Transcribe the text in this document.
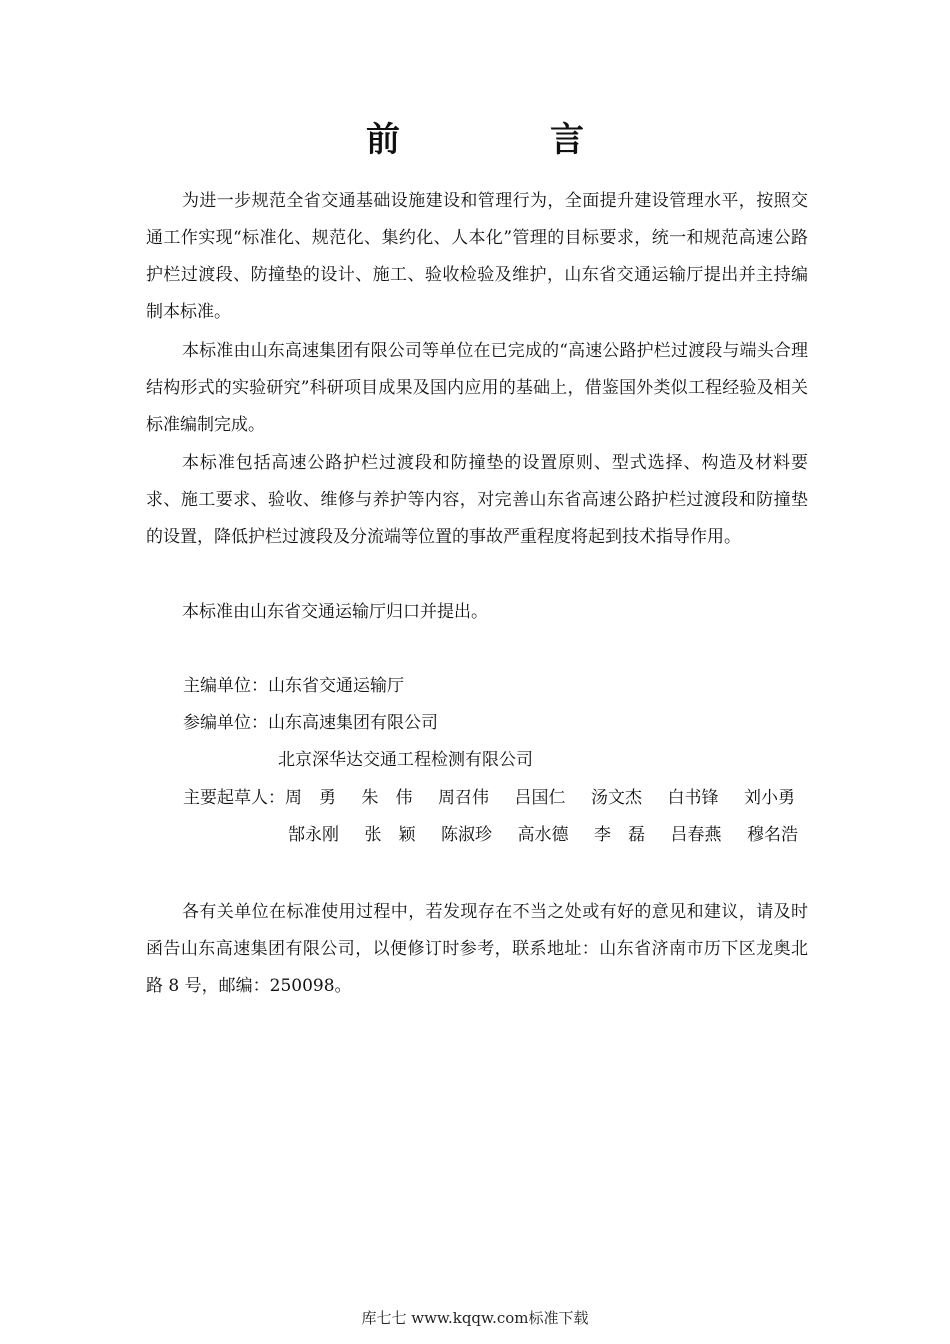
前　言

为进一步规范全省交通基础设施建设和管理行为，全面提升建设管理水平，按照交通工作实现“标准化、规范化、集约化、人本化”管理的目标要求，统一和规范高速公路护栏过渡段、防撞垫的设计、施工、验收检验及维护，山东省交通运输厅提出并主持编制本标准。

本标准由山东高速集团有限公司等单位在已完成的“高速公路护栏过渡段与端头合理结构形式的实验研究”科研项目成果及国内应用的基础上，借鉴国外类似工程经验及相关标准编制完成。

本标准包括高速公路护栏过渡段和防撞垫的设置原则、型式选择、构造及材料要求、施工要求、验收、维修与养护等内容，对完善山东省高速公路护栏过渡段和防撞垫的设置，降低护栏过渡段及分流端等位置的事故严重程度将起到技术指导作用。

本标准由山东省交通运输厅归口并提出。

主编单位：山东省交通运输厅
参编单位：山东高速集团有限公司
北京深华达交通工程检测有限公司
主要起草人： 周　勇	朱　伟	周召伟	吕国仁	汤文杰	白书锋	刘小勇
郜永刚	张　颖	陈淑珍	高水德	李　磊	吕春燕	穆名浩

各有关单位在标准使用过程中，若发现存在不当之处或有好的意见和建议，请及时函告山东高速集团有限公司，以便修订时参考，联系地址：山东省济南市历下区龙奥北路 8 号，邮编：250098。

库七七 www.kqqw.com标准下载
